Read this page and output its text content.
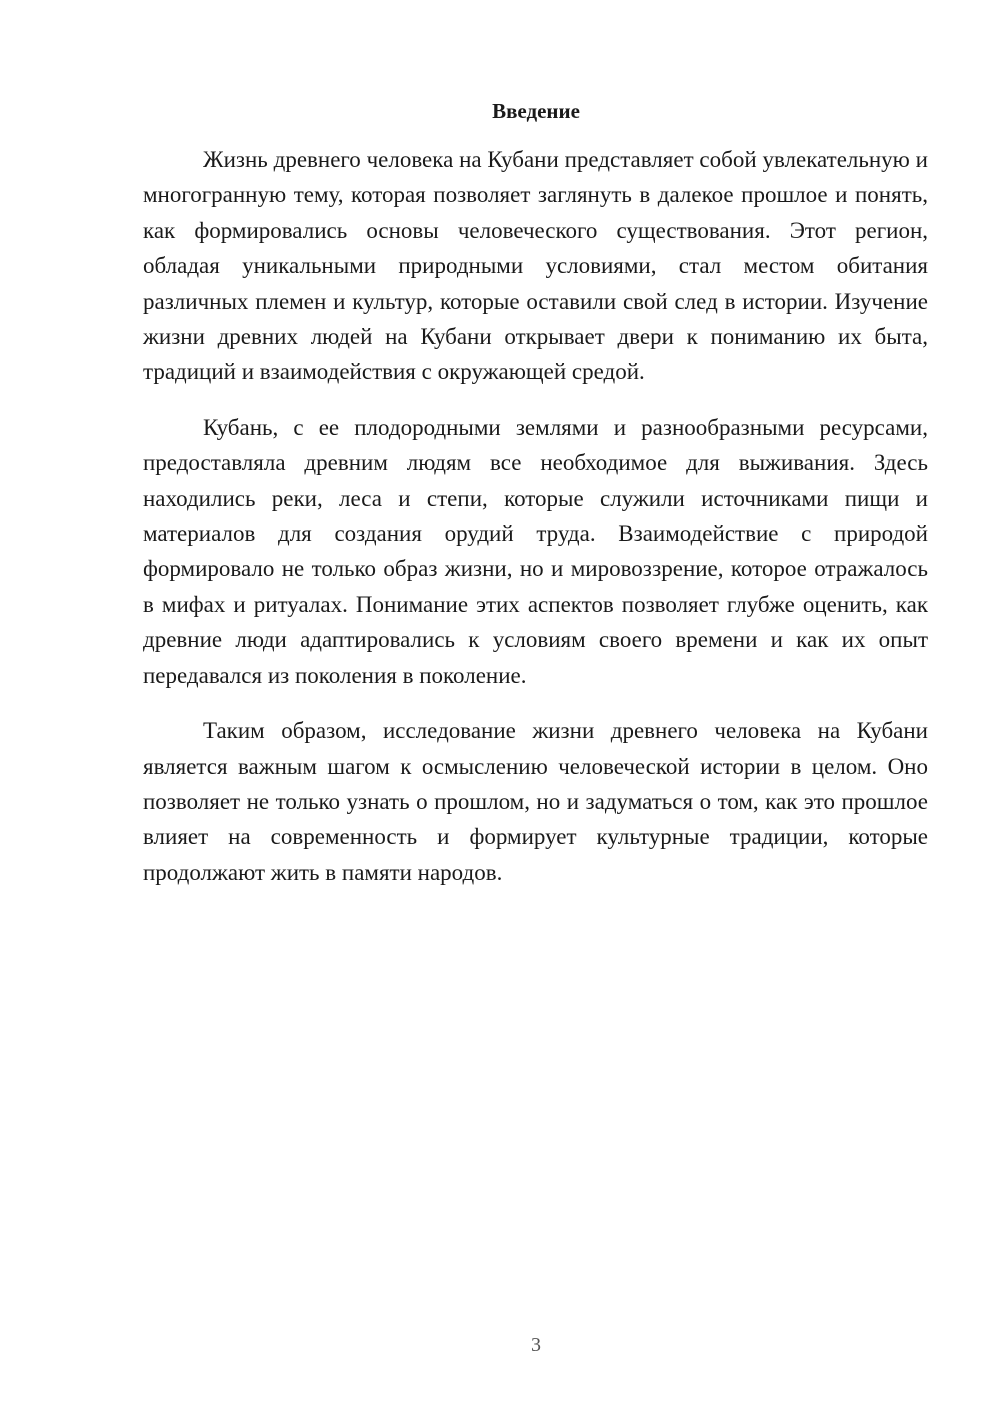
Введение

Жизнь древнего человека на Кубани представляет собой увлекательную и многогранную тему, которая позволяет заглянуть в далекое прошлое и понять, как формировались основы человеческого существования. Этот регион, обладая уникальными природными условиями, стал местом обитания различных племен и культур, которые оставили свой след в истории. Изучение жизни древних людей на Кубани открывает двери к пониманию их быта, традиций и взаимодействия с окружающей средой.

Кубань, с ее плодородными землями и разнообразными ресурсами, предоставляла древним людям все необходимое для выживания. Здесь находились реки, леса и степи, которые служили источниками пищи и материалов для создания орудий труда. Взаимодействие с природой формировало не только образ жизни, но и мировоззрение, которое отражалось в мифах и ритуалах. Понимание этих аспектов позволяет глубже оценить, как древние люди адаптировались к условиям своего времени и как их опыт передавался из поколения в поколение.

Таким образом, исследование жизни древнего человека на Кубани является важным шагом к осмыслению человеческой истории в целом. Оно позволяет не только узнать о прошлом, но и задуматься о том, как это прошлое влияет на современность и формирует культурные традиции, которые продолжают жить в памяти народов.

3
